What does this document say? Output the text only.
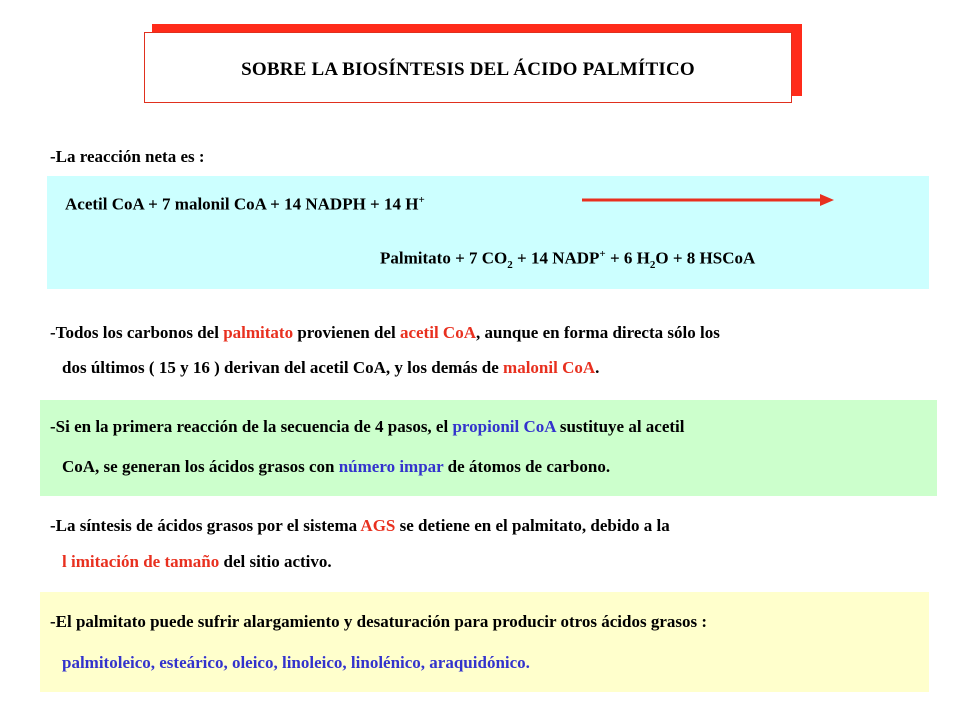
SOBRE LA BIOSÍNTESIS DEL ÁCIDO PALMÍTICO
-La reacción neta es :
Acetil CoA + 7 malonil CoA + 14 NADPH + 14 H+
Palmitato + 7 $CO_2 + 14$ NADP+ + 6 $H_2O + 8$ HSCoA
-Todos los carbonos del palmitato provienen del acetil CoA, aunque en forma directa sólo los
dos últimos ( 15 y 16 ) derivan del acetil CoA, y los demás de malonil CoA.
-Si en la primera reacción de la secuencia de 4 pasos, el propionil CoA sustituye al acetil
CoA, se generan los ácidos grasos con número impar de átomos de carbono.
-La síntesis de ácidos grasos por el sistema AGS se detiene en el palmitato, debido a la
l imitación de tamaño del sitio activo.
-El palmitato puede sufrir alargamiento y desaturación para producir otros ácidos grasos :
palmitoleico, esteárico, oleico, linoleico, linolénico, araquidónico.
